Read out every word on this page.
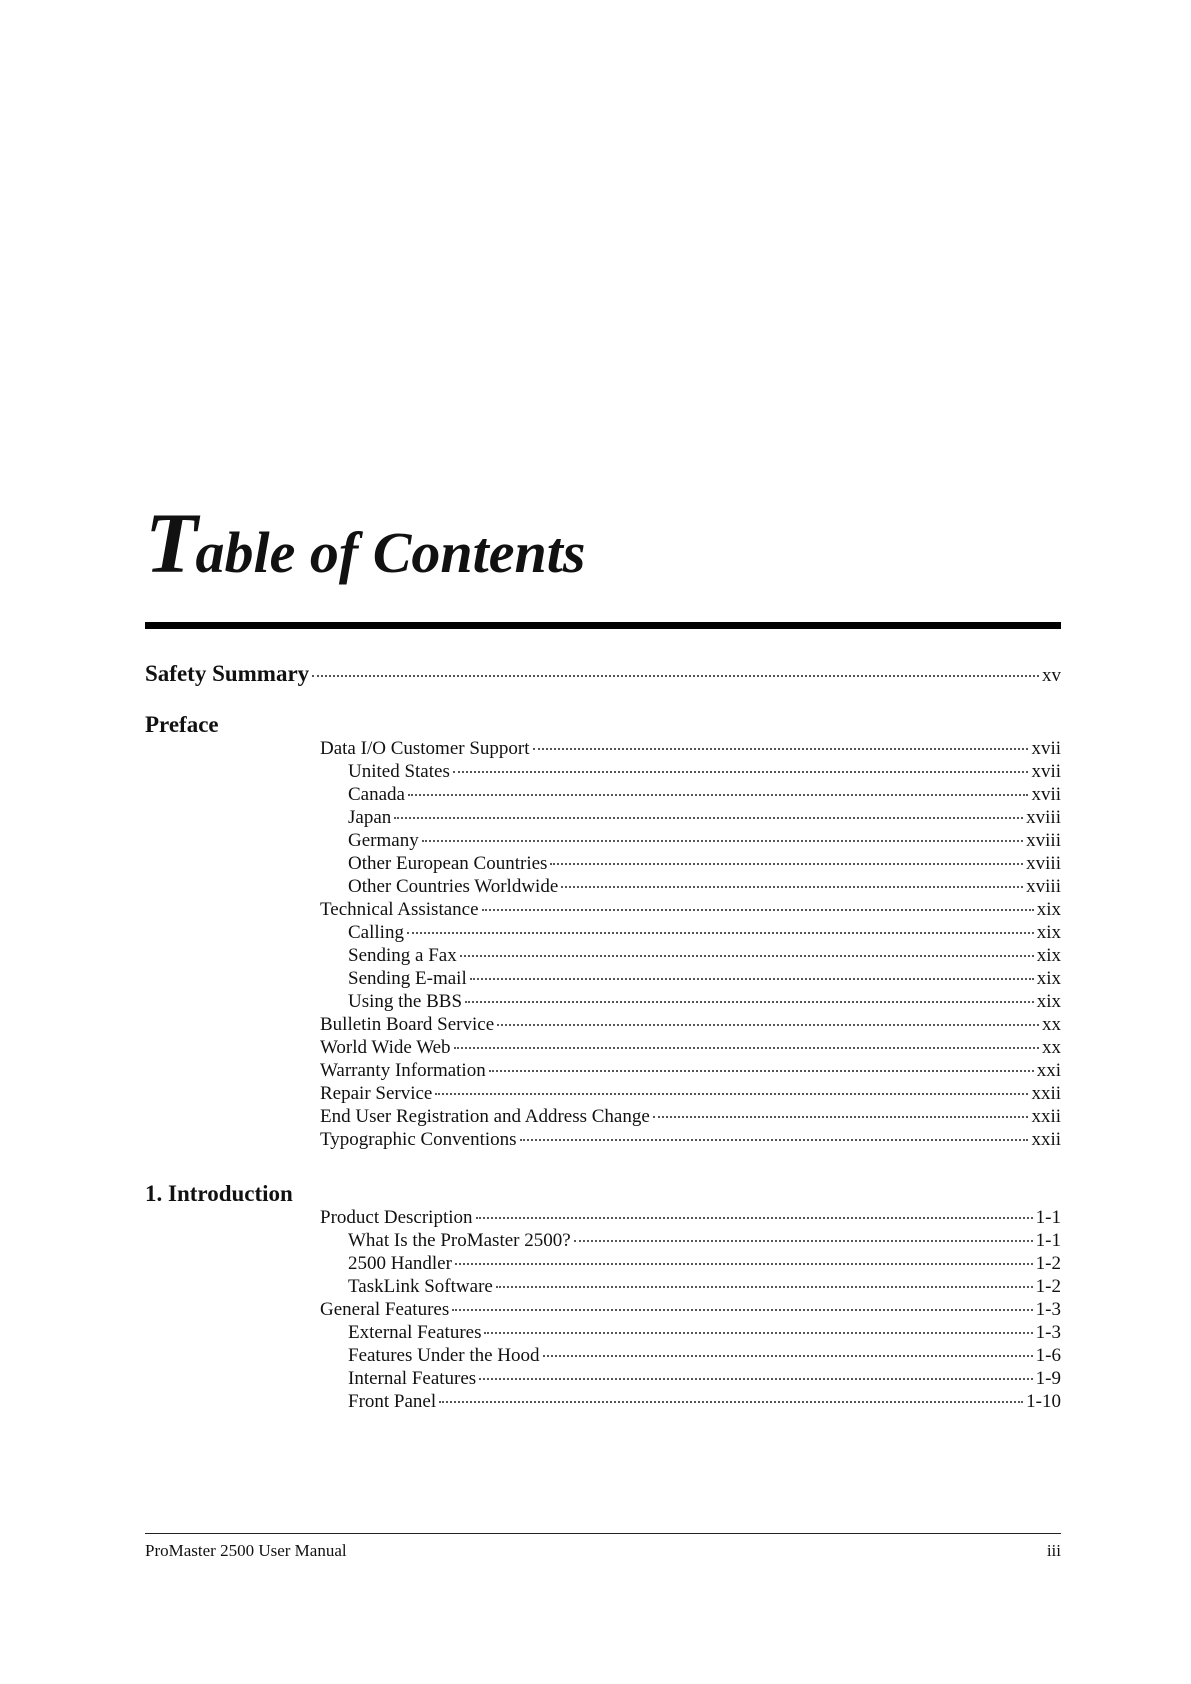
Table of Contents
Safety Summary	xv
Preface
Data I/O Customer Support	xvii
United States	xvii
Canada	xvii
Japan	xviii
Germany	xviii
Other European Countries	xviii
Other Countries Worldwide	xviii
Technical Assistance	xix
Calling	xix
Sending a Fax	xix
Sending E-mail	xix
Using the BBS	xix
Bulletin Board Service	xx
World Wide Web	xx
Warranty Information	xxi
Repair Service	xxii
End User Registration and Address Change	xxii
Typographic Conventions	xxii
1. Introduction
Product Description	1-1
What Is the ProMaster 2500?	1-1
2500 Handler	1-2
TaskLink Software	1-2
General Features	1-3
External Features	1-3
Features Under the Hood	1-6
Internal Features	1-9
Front Panel	1-10
ProMaster 2500 User Manual	iii
